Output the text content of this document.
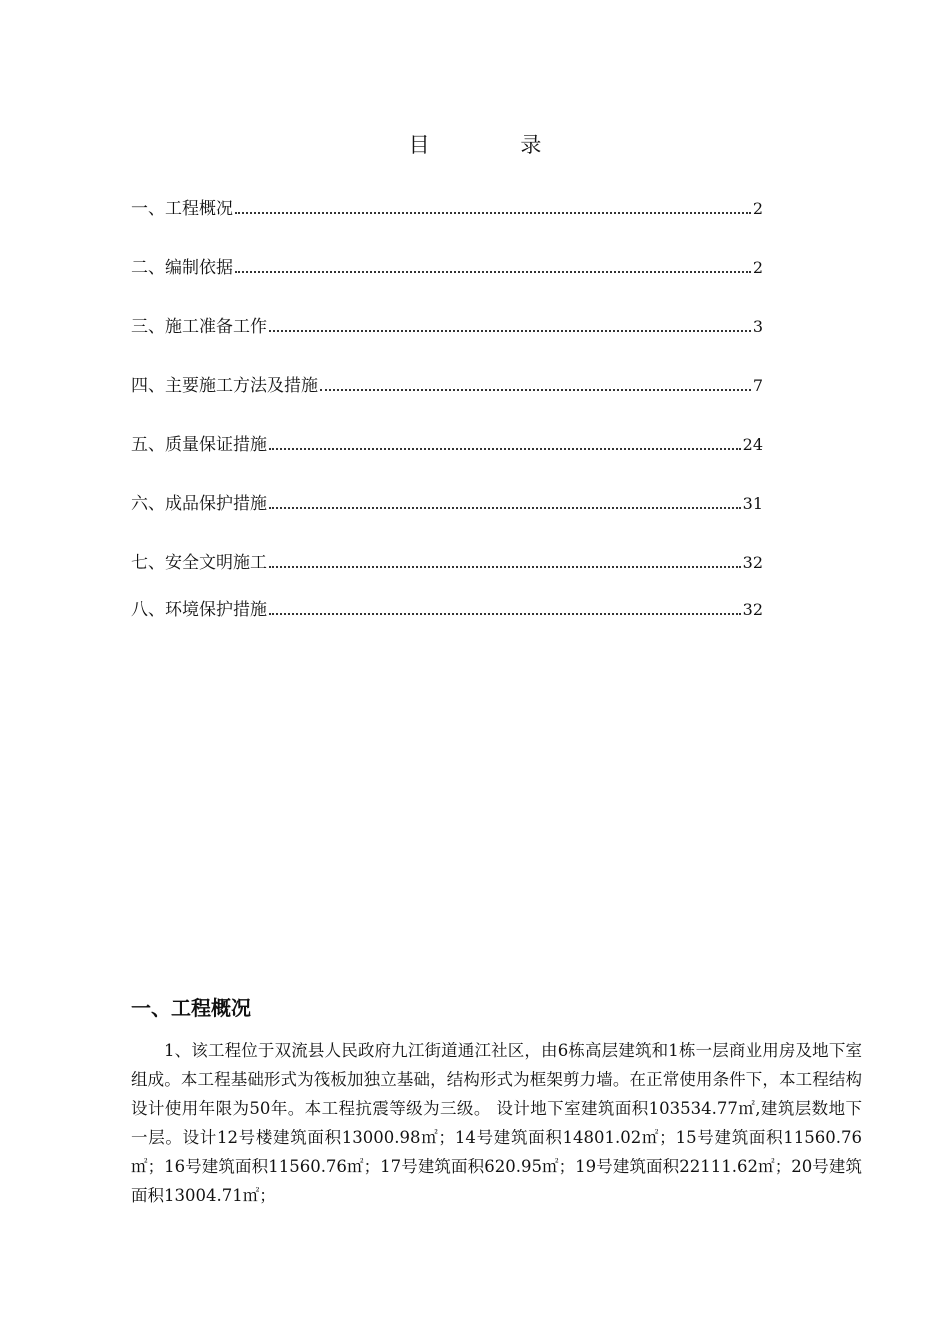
目 录
一、工程概况	2
二、编制依据	2
三、施工准备工作	3
四、主要施工方法及措施	7
五、质量保证措施	24
六、成品保护措施	31
七、安全文明施工	32
八、环境保护措施	32
一、工程概况
1、该工程位于双流县人民政府九江街道通江社区，由6栋高层建筑和1栋一层商业用房及地下室组成。本工程基础形式为筏板加独立基础，结构形式为框架剪力墙。在正常使用条件下，本工程结构设计使用年限为50年。本工程抗震等级为三级。 设计地下室建筑面积103534.77㎡,建筑层数地下一层。设计12号楼建筑面积13000.98㎡；14号建筑面积14801.02㎡；15号建筑面积11560.76㎡；16号建筑面积11560.76㎡；17号建筑面积620.95㎡；19号建筑面积22111.62㎡；20号建筑面积13004.71㎡；
